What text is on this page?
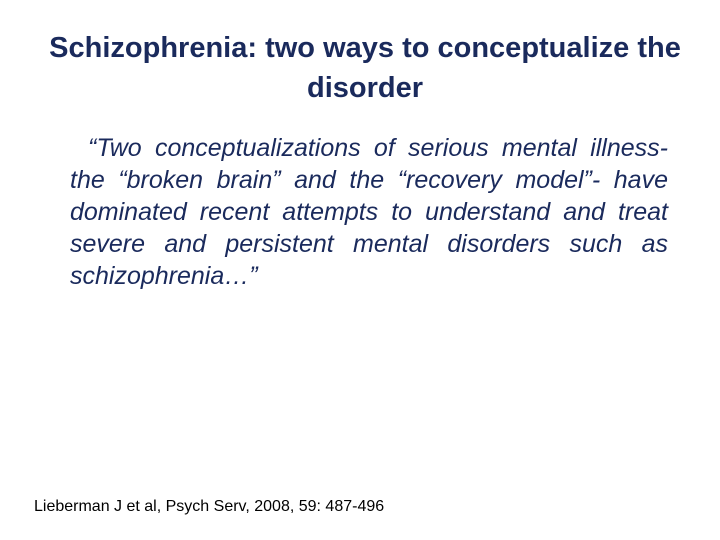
Schizophrenia: two ways to conceptualize the disorder

“Two conceptualizations of serious mental illness- the “broken brain” and the “recovery model”- have dominated recent attempts to understand and treat severe and persistent mental disorders such as schizophrenia…”

Lieberman J et al, Psych Serv, 2008, 59: 487-496
